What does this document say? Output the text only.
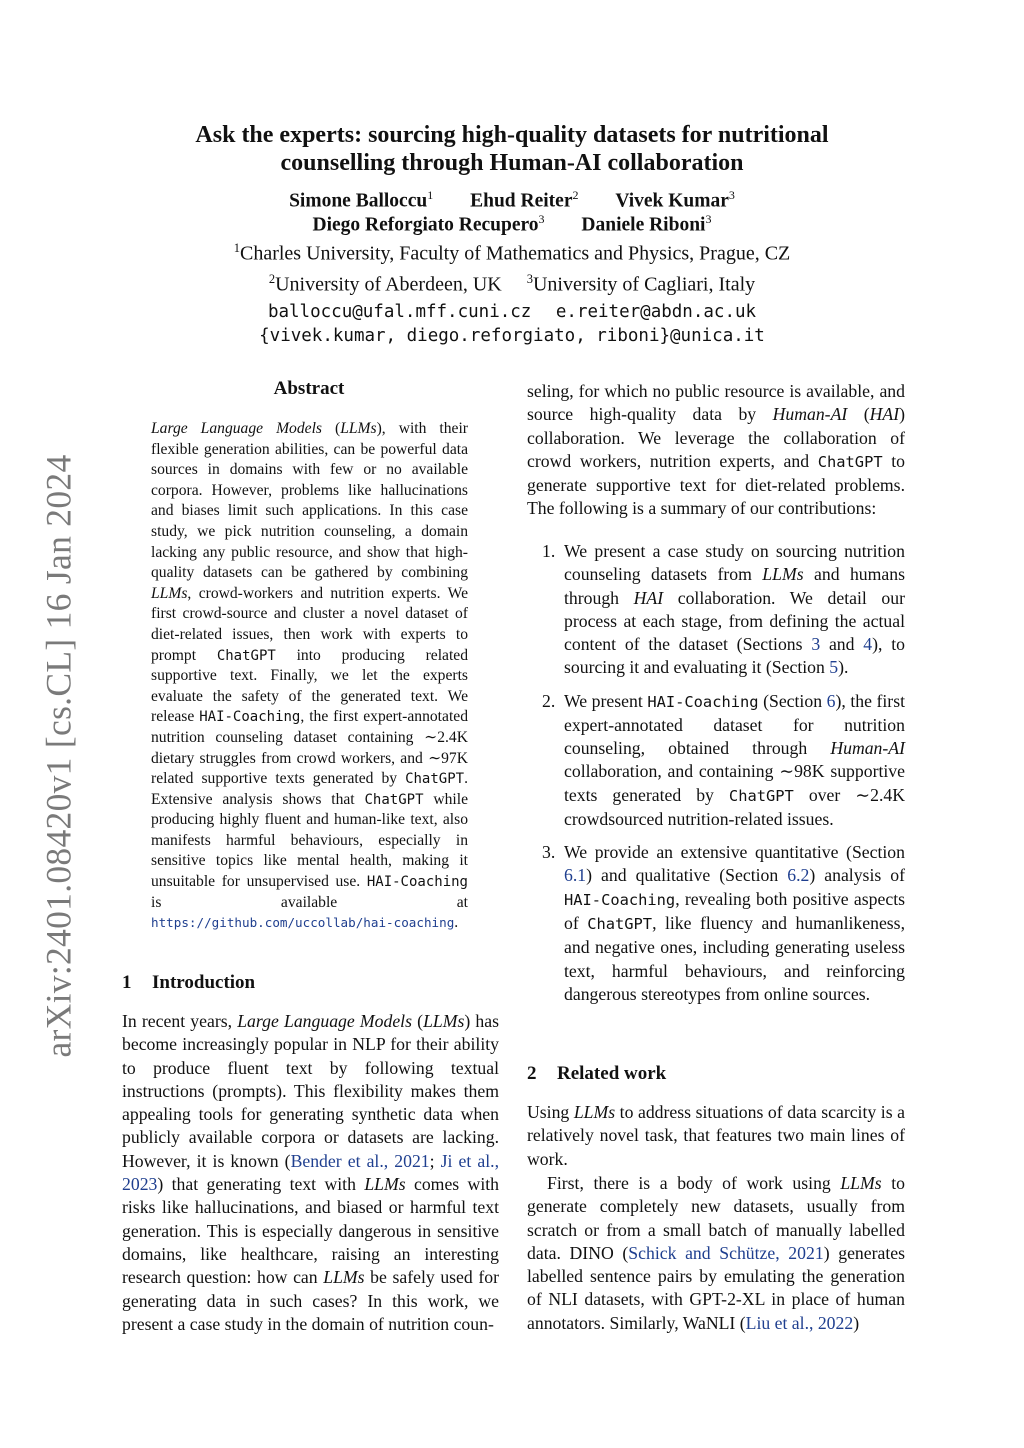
arXiv:2401.08420v1 [cs.CL] 16 Jan 2024
Ask the experts: sourcing high-quality datasets for nutritional
counselling through Human-AI collaboration
Simone Balloccu$^1$ Ehud Reiter$^2$ Vivek Kumar$^3$
Diego Reforgiato Recupero$^3$ Daniele Riboni$^3$
$^1$Charles University, Faculty of Mathematics and Physics, Prague, CZ
$^2$University of Aberdeen, UK $^3$University of Cagliari, Italy
balloccu@ufal.mff.cuni.cz e.reiter@abdn.ac.uk
{vivek.kumar, diego.reforgiato, riboni}@unica.it
Abstract

Large Language Models (LLMs), with their flexible generation abilities, can be powerful data sources in domains with few or no available corpora. However, problems like hallucinations and biases limit such applications. In this case study, we pick nutrition counseling, a domain lacking any public resource, and show that high-quality datasets can be gathered by combining LLMs, crowd-workers and nutrition experts. We first crowd-source and cluster a novel dataset of diet-related issues, then work with experts to prompt ChatGPT into producing related supportive text. Finally, we let the experts evaluate the safety of the generated text. We release HAI-Coaching, the first expert-annotated nutrition counseling dataset containing ∼2.4K dietary struggles from crowd workers, and ∼97K related supportive texts generated by ChatGPT. Extensive analysis shows that ChatGPT while producing highly fluent and human-like text, also manifests harmful behaviours, especially in sensitive topics like mental health, making it unsuitable for unsupervised use. HAI-Coaching is available at https://github.com/uccollab/hai-coaching.

1 Introduction

In recent years, Large Language Models (LLMs) has become increasingly popular in NLP for their ability to produce fluent text by following textual instructions (prompts). This flexibility makes them appealing tools for generating synthetic data when publicly available corpora or datasets are lacking. However, it is known (Bender et al., 2021; Ji et al., 2023) that generating text with LLMs comes with risks like hallucinations, and biased or harmful text generation. This is especially dangerous in sensitive domains, like healthcare, raising an interesting research question: how can LLMs be safely used for generating data in such cases? In this work, we present a case study in the domain of nutrition coun-

seling, for which no public resource is available, and source high-quality data by Human-AI (HAI) collaboration. We leverage the collaboration of crowd workers, nutrition experts, and ChatGPT to generate supportive text for diet-related problems. The following is a summary of our contributions:

1. We present a case study on sourcing nutrition counseling datasets from LLMs and humans through HAI collaboration. We detail our process at each stage, from defining the actual content of the dataset (Sections 3 and 4), to sourcing it and evaluating it (Section 5).
2. We present HAI-Coaching (Section 6), the first expert-annotated dataset for nutrition counseling, obtained through Human-AI collaboration, and containing ∼98K supportive texts generated by ChatGPT over ∼2.4K crowdsourced nutrition-related issues.
3. We provide an extensive quantitative (Section 6.1) and qualitative (Section 6.2) analysis of HAI-Coaching, revealing both positive aspects of ChatGPT, like fluency and humanlikeness, and negative ones, including generating useless text, harmful behaviours, and reinforcing dangerous stereotypes from online sources.
2 Related work

Using LLMs to address situations of data scarcity is a relatively novel task, that features two main lines of work.

First, there is a body of work using LLMs to generate completely new datasets, usually from scratch or from a small batch of manually labelled data. DINO (Schick and Schütze, 2021) generates labelled sentence pairs by emulating the generation of NLI datasets, with GPT-2-XL in place of human annotators. Similarly, WaNLI (Liu et al., 2022)
